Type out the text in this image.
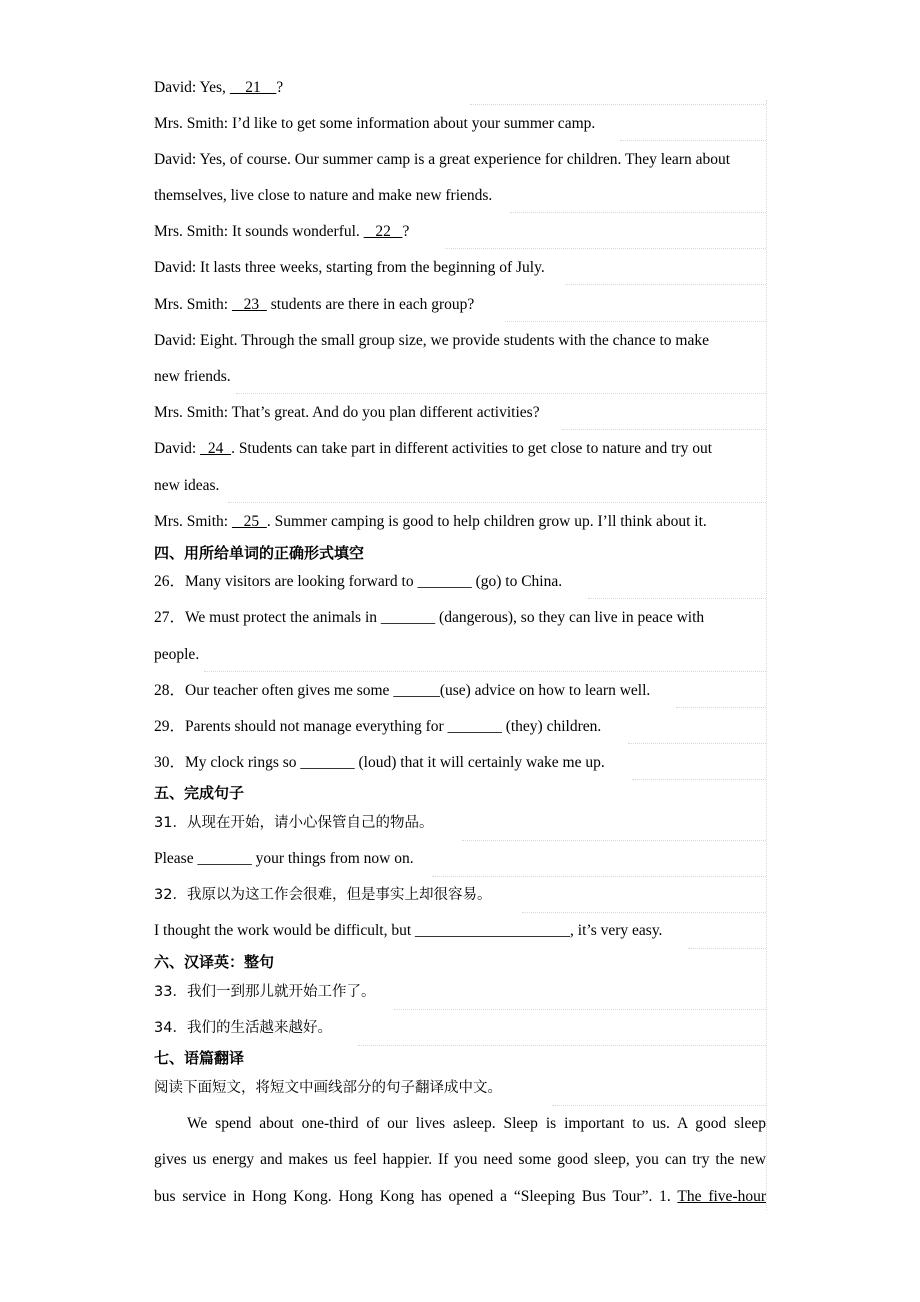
David: Yes,     21    ?
Mrs. Smith: I’d like to get some information about your summer camp.
David: Yes, of course. Our summer camp is a great experience for children. They learn about
themselves, live close to nature and make new friends.
Mrs. Smith: It sounds wonderful.    22   ?
David: It lasts three weeks, starting from the beginning of July.
Mrs. Smith:    23   students are there in each group?
David: Eight. Through the small group size, we provide students with the chance to make
new friends.
Mrs. Smith: That’s great. And do you plan different activities?
David:   24  . Students can take part in different activities to get close to nature and try out
new ideas.
Mrs. Smith:    25  . Summer camping is good to help children grow up. I’ll think about it.
四、用所给单词的正确形式填空
26．Many visitors are looking forward to _______ (go) to China.
27．We must protect the animals in _______ (dangerous), so they can live in peace with
people.
28．Our teacher often gives me some ______(use) advice on how to learn well.
29．Parents should not manage everything for _______ (they) children.
30．My clock rings so _______ (loud) that it will certainly wake me up.
五、完成句子
31．从现在开始，请小心保管自己的物品。
Please _______ your things from now on.
32．我原以为这工作会很难，但是事实上却很容易。
I thought the work would be difficult, but ____________________, it’s very easy.
六、汉译英：整句
33．我们一到那儿就开始工作了。
34．我们的生活越来越好。
七、语篇翻译
阅读下面短文，将短文中画线部分的句子翻译成中文。
We spend about one-third of our lives asleep. Sleep is important to us. A good sleep
gives us energy and makes us feel happier. If you need some good sleep, you can try the new
bus service in Hong Kong. Hong Kong has opened a “Sleeping Bus Tour”. 1. The five-hour
